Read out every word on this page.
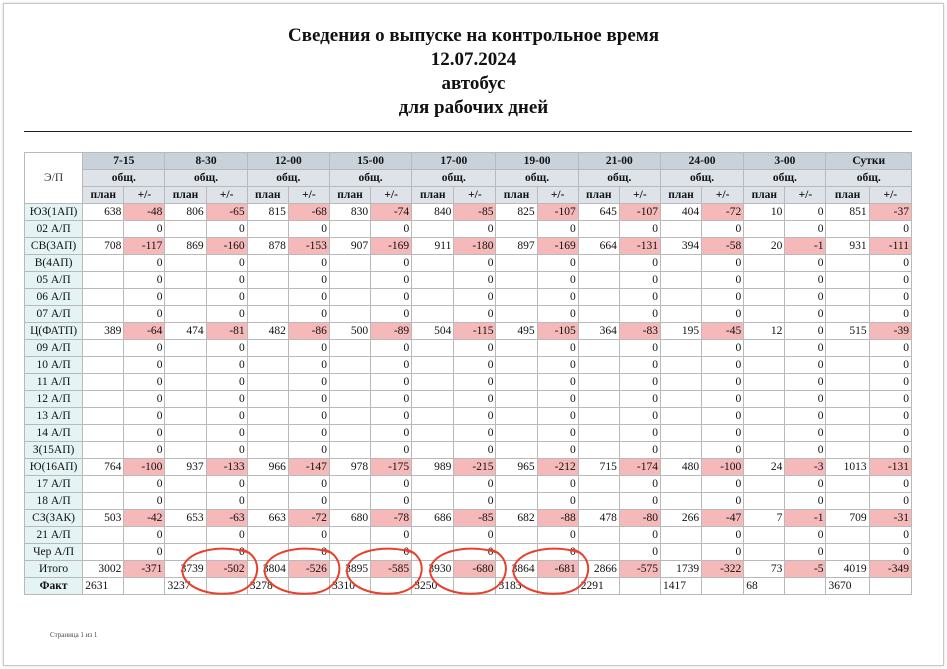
Сведения о выпуске на контрольное время
12.07.2024
автобус
для рабочих дней
Э/П	7-15		8-30		12-00		15-00		17-00		19-00		21-00		24-00		3-00		Сутки	
	общ.		общ.		общ.		общ.		общ.		общ.		общ.		общ.		общ.		общ.	
	план	+/-	план	+/-	план	+/-	план	+/-	план	+/-	план	+/-	план	+/-	план	+/-	план	+/-	план	+/-
ЮЗ(1АП)	638	-48	806	-65	815	-68	830	-74	840	-85	825	-107	645	-107	404	-72	10	0	851	-37
02 А/П		0		0		0		0		0		0		0		0		0		0
СВ(3АП)	708	-117	869	-160	878	-153	907	-169	911	-180	897	-169	664	-131	394	-58	20	-1	931	-111
В(4АП)		0		0		0		0		0		0		0		0		0		0
05 А/П		0		0		0		0		0		0		0		0		0		0
06 А/П		0		0		0		0		0		0		0		0		0		0
07 А/П		0		0		0		0		0		0		0		0		0		0
Ц(ФАТП)	389	-64	474	-81	482	-86	500	-89	504	-115	495	-105	364	-83	195	-45	12	0	515	-39
09 А/П		0		0		0		0		0		0		0		0		0		0
10 А/П		0		0		0		0		0		0		0		0		0		0
11 А/П		0		0		0		0		0		0		0		0		0		0
12 А/П		0		0		0		0		0		0		0		0		0		0
13 А/П		0		0		0		0		0		0		0		0		0		0
14 А/П		0		0		0		0		0		0		0		0		0		0
З(15АП)		0		0		0		0		0		0		0		0		0		0
Ю(16АП)	764	-100	937	-133	966	-147	978	-175	989	-215	965	-212	715	-174	480	-100	24	-3	1013	-131
17 А/П		0		0		0		0		0		0		0		0		0		0
18 А/П		0		0		0		0		0		0		0		0		0		0
СЗ(ЗАК)	503	-42	653	-63	663	-72	680	-78	686	-85	682	-88	478	-80	266	-47	7	-1	709	-31
21 А/П		0		0		0		0		0		0		0		0		0		0
Чер А/П		0		0		0		0		0		0		0		0		0		0
Итого	3002	-371	3739	-502	3804	-526	3895	-585	3930	-680	3864	-681	2866	-575	1739	-322	73	-5	4019	-349
Факт	2631		3237		3278		3310		3250		3183		2291		1417		68		3670	
Страница 1 из 1
